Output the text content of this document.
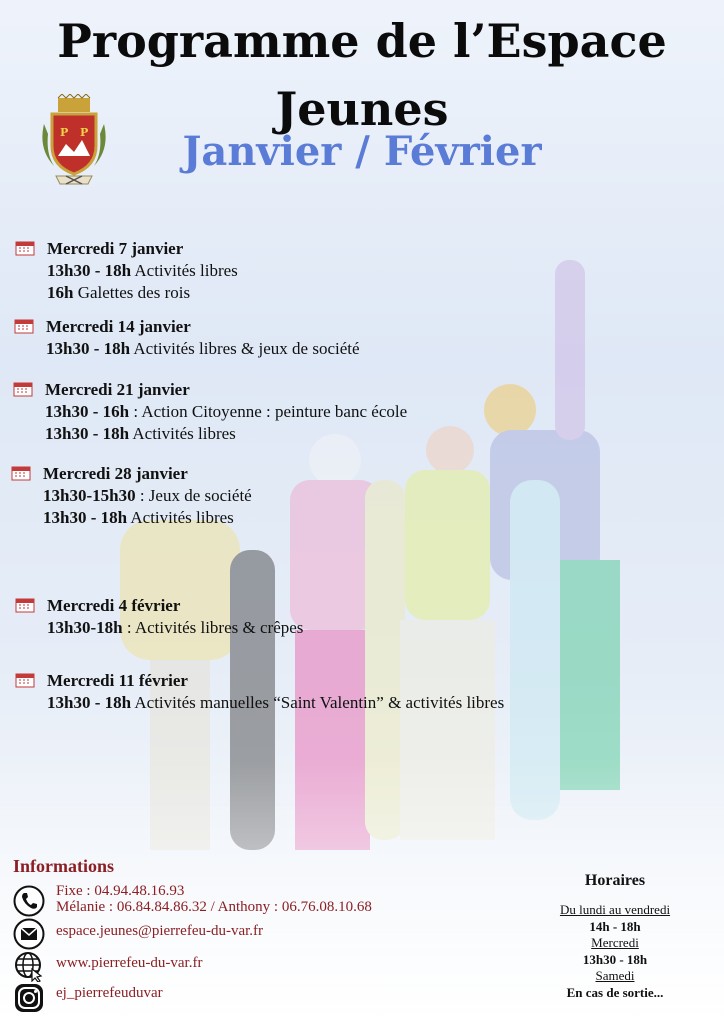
Programme de l’Espace
Jeunes
Janvier / Février
P P
Mercredi 7 janvier
13h30 - 18h Activités libres
16h Galettes des rois
Mercredi 14 janvier
13h30 - 18h Activités libres & jeux de société
Mercredi 21 janvier
13h30 - 16h : Action Citoyenne : peinture banc école
13h30 - 18h Activités libres
Mercredi 28 janvier
13h30-15h30 : Jeux de société
13h30 - 18h Activités libres
Mercredi 4 février
13h30-18h : Activités libres & crêpes
Mercredi 11 février
13h30 - 18h Activités manuelles “Saint Valentin” & activités libres
Informations
Fixe : 04.94.48.16.93
Mélanie : 06.84.84.86.32 / Anthony : 06.76.08.10.68
espace.jeunes@pierrefeu-du-var.fr
www.pierrefeu-du-var.fr
ej_pierrefeuduvar
Horaires
Du lundi au vendredi
14h - 18h
Mercredi
13h30 - 18h
Samedi
En cas de sortie...
